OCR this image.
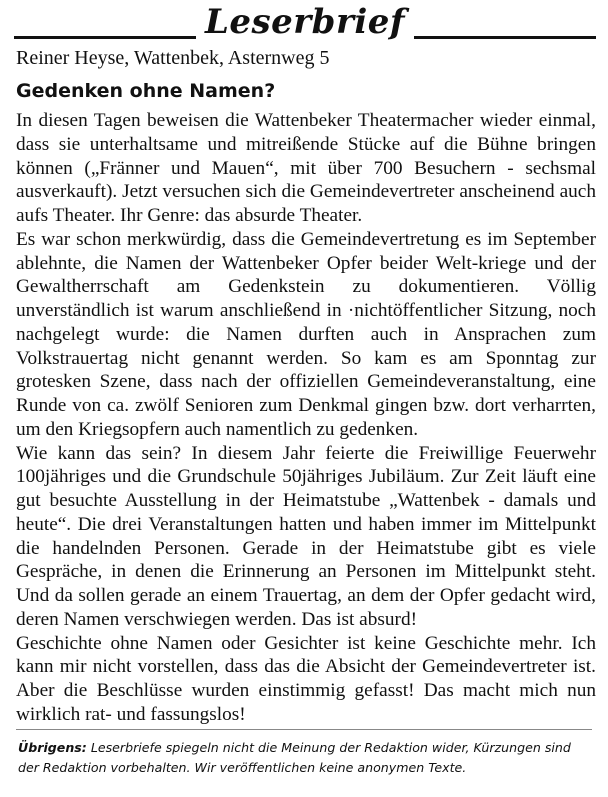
Leserbrief
Reiner Heyse, Wattenbek, Asternweg 5
Gedenken ohne Namen?

In diesen Tagen beweisen die Wattenbeker Theatermacher wieder einmal, dass sie unterhaltsame und mitreißende Stücke auf die Bühne bringen können („Fränner und Mauen“, mit über 700 Besuchern - sechsmal ausverkauft). Jetzt versuchen sich die Gemeindevertreter anscheinend auch aufs Theater. Ihr Genre: das absurde Theater.

Es war schon merkwürdig, dass die Gemeindevertretung es im September ablehnte, die Namen der Wattenbeker Opfer beider Welt-kriege und der Gewaltherrschaft am Gedenkstein zu dokumentieren. Völlig unverständlich ist warum anschließend in ·nichtöffentlicher Sitzung, noch nachgelegt wurde: die Namen durften auch in Ansprachen zum Volkstrauertag nicht genannt werden. So kam es am Sponntag zur grotesken Szene, dass nach der offiziellen Gemeindeveranstaltung, eine Runde von ca. zwölf Senioren zum Denkmal gingen bzw. dort verharrten, um den Kriegsopfern auch namentlich zu gedenken.

Wie kann das sein? In diesem Jahr feierte die Freiwillige Feuerwehr 100jähriges und die Grundschule 50jähriges Jubiläum. Zur Zeit läuft eine gut besuchte Ausstellung in der Heimatstube „Wattenbek - damals und heute“. Die drei Veranstaltungen hatten und haben immer im Mittelpunkt die handelnden Personen. Gerade in der Heimatstube gibt es viele Gespräche, in denen die Erinnerung an Personen im Mittelpunkt steht. Und da sollen gerade an einem Trauertag, an dem der Opfer gedacht wird, deren Namen verschwiegen werden. Das ist absurd!

Geschichte ohne Namen oder Gesichter ist keine Geschichte mehr. Ich kann mir nicht vorstellen, dass das die Absicht der Gemeindevertreter ist. Aber die Beschlüsse wurden einstimmig gefasst! Das macht mich nun wirklich rat- und fassungslos!

Übrigens: Leserbriefe spiegeln nicht die Meinung der Redaktion wider, Kürzungen sind der Redaktion vorbehalten. Wir veröffentlichen keine anonymen Texte.
